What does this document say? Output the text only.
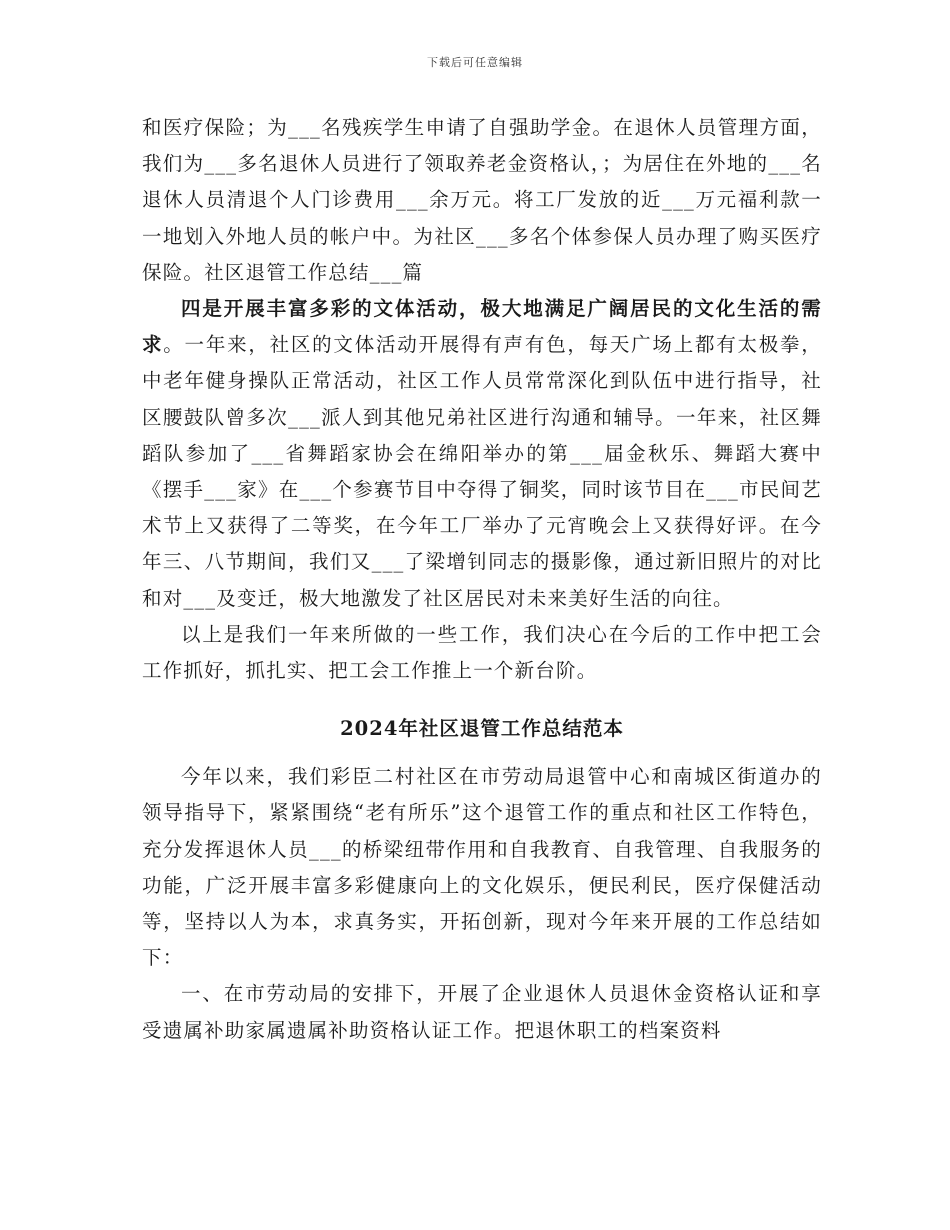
下载后可任意编辑

和医疗保险；为___名残疾学生申请了自强助学金。在退休人员管理方面，我们为___多名退休人员进行了领取养老金资格认，；为居住在外地的___名退休人员清退个人门诊费用___余万元。将工厂发放的近___万元福利款一一地划入外地人员的帐户中。为社区___多名个体参保人员办理了购买医疗保险。社区退管工作总结___篇

四是开展丰富多彩的文体活动，极大地满足广阔居民的文化生活的需求。一年来，社区的文体活动开展得有声有色，每天广场上都有太极拳，中老年健身操队正常活动，社区工作人员常常深化到队伍中进行指导，社区腰鼓队曾多次___派人到其他兄弟社区进行沟通和辅导。一年来，社区舞蹈队参加了___省舞蹈家协会在绵阳举办的第___届金秋乐、舞蹈大赛中《摆手___家》在___个参赛节目中夺得了铜奖，同时该节目在___市民间艺术节上又获得了二等奖，在今年工厂举办了元宵晚会上又获得好评。在今年三、八节期间，我们又___了梁增钊同志的摄影像，通过新旧照片的对比和对___及变迁，极大地激发了社区居民对未来美好生活的向往。

以上是我们一年来所做的一些工作，我们决心在今后的工作中把工会工作抓好，抓扎实、把工会工作推上一个新台阶。

2024年社区退管工作总结范本

今年以来，我们彩臣二村社区在市劳动局退管中心和南城区街道办的领导指导下，紧紧围绕“老有所乐”这个退管工作的重点和社区工作特色，充分发挥退休人员___的桥梁纽带作用和自我教育、自我管理、自我服务的功能，广泛开展丰富多彩健康向上的文化娱乐，便民利民，医疗保健活动等，坚持以人为本，求真务实，开拓创新，现对今年来开展的工作总结如下：

一、在市劳动局的安排下，开展了企业退休人员退休金资格认证和享受遗属补助家属遗属补助资格认证工作。把退休职工的档案资料
